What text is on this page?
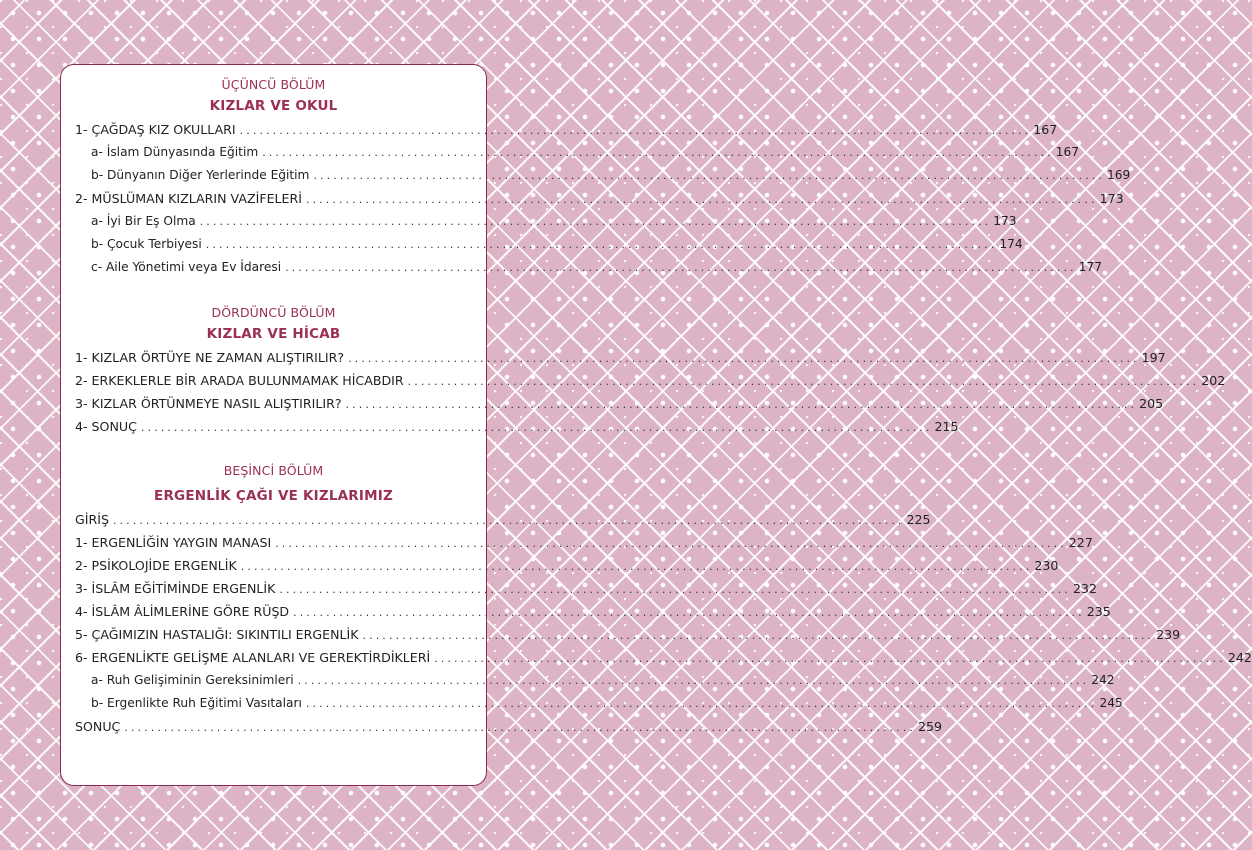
ÜÇÜNCÜ BÖLÜM
KIZLAR VE OKUL
1- ÇAĞDAŞ KIZ OKULLARI ........................................................................................................................ 167
a- İslam Dünyasında Eğitim ........................................................................................................................ 167
b- Dünyanın Diğer Yerlerinde Eğitim ........................................................................................................................ 169
2- MÜSLÜMAN KIZLARIN VAZİFELERİ ........................................................................................................................ 173
a- İyi Bir Eş Olma ........................................................................................................................ 173
b- Çocuk Terbiyesi ........................................................................................................................ 174
c- Aile Yönetimi veya Ev İdaresi ........................................................................................................................ 177
DÖRDÜNCÜ BÖLÜM
KIZLAR VE HİCAB
1- KIZLAR ÖRTÜYE NE ZAMAN ALIŞTIRILIR? ........................................................................................................................ 197
2- ERKEKLERLE BİR ARADA BULUNMAMAK HİCABDIR ........................................................................................................................ 202
3- KIZLAR ÖRTÜNMEYE NASIL ALIŞTIRILIR? ........................................................................................................................ 205
4- SONUÇ ........................................................................................................................ 215
BEŞİNCİ BÖLÜM
ERGENLİK ÇAĞI VE KIZLARIMIZ
GİRİŞ ........................................................................................................................ 225
1- ERGENLİĞİN YAYGIN MANASI ........................................................................................................................ 227
2- PSİKOLOJİDE ERGENLİK ........................................................................................................................ 230
3- İSLÂM EĞİTİMİNDE ERGENLİK ........................................................................................................................ 232
4- İSLÂM ÂLİMLERİNE GÖRE RÜŞD ........................................................................................................................ 235
5- ÇAĞIMIZIN HASTALIĞI: SIKINTILI ERGENLİK ........................................................................................................................ 239
6- ERGENLİKTE GELİŞME ALANLARI VE GEREKTİRDİKLERİ ........................................................................................................................ 242
a- Ruh Gelişiminin Gereksinimleri ........................................................................................................................ 242
b- Ergenlikte Ruh Eğitimi Vasıtaları ........................................................................................................................ 245
SONUÇ ........................................................................................................................ 259
